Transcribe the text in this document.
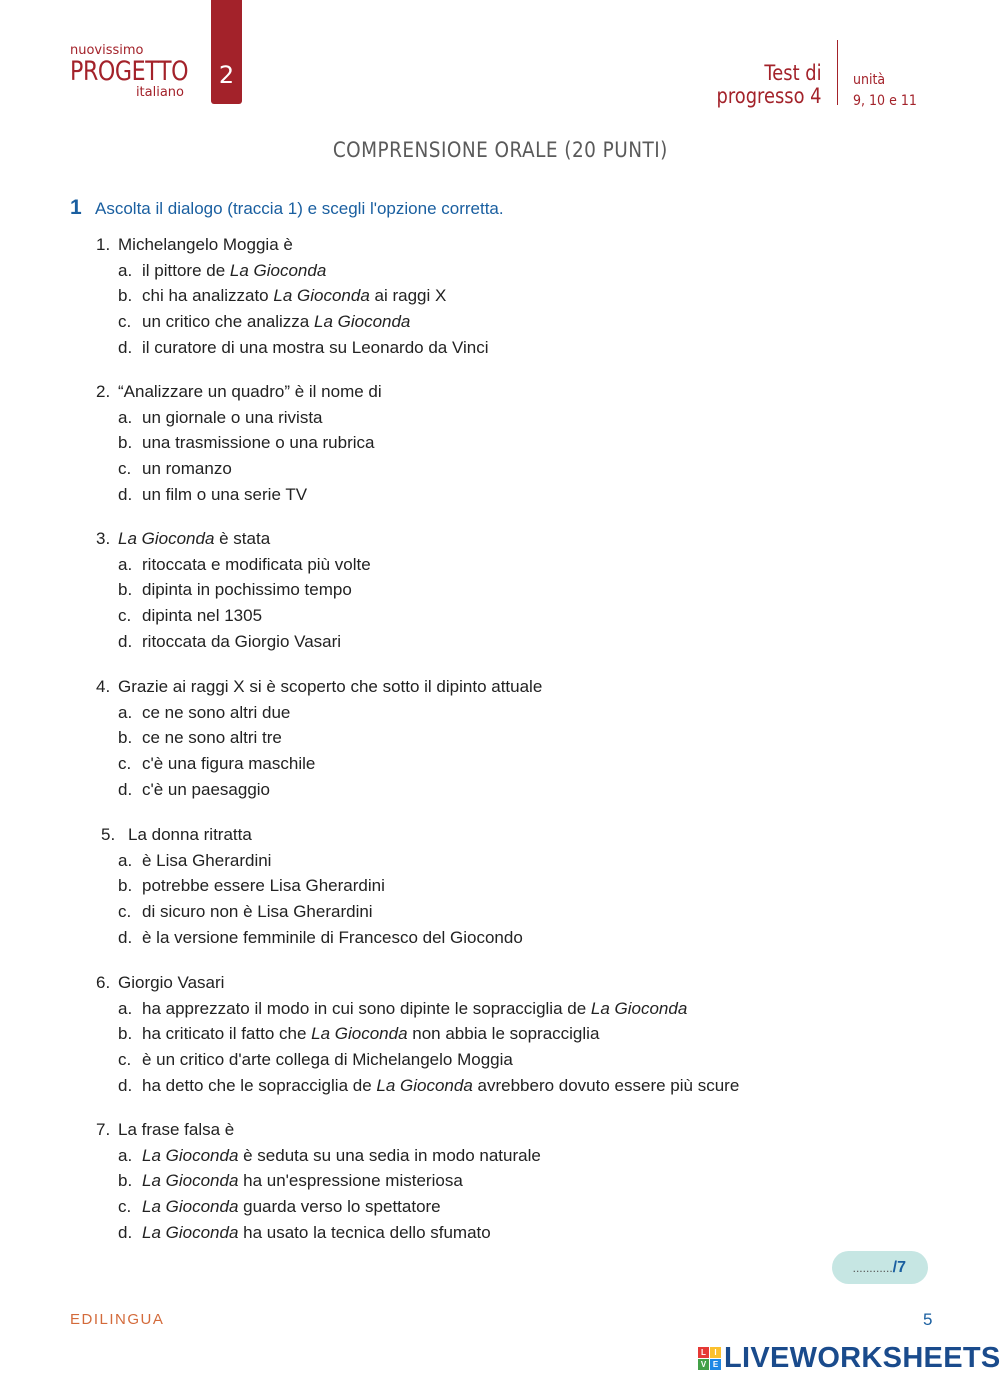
nuovissimo
PROGETTO
italiano
2	Test di
progresso 4
unità
9, 10 e 11
COMPRENSIONE ORALE (20 PUNTI)
1 Ascolta il dialogo (traccia 1) e scegli l'opzione corretta.
1. Michelangelo Moggia è
a. il pittore de La Gioconda
b. chi ha analizzato La Gioconda ai raggi X
c. un critico che analizza La Gioconda
d. il curatore di una mostra su Leonardo da Vinci
2. “Analizzare un quadro” è il nome di
a. un giornale o una rivista
b. una trasmissione o una rubrica
c. un romanzo
d. un film o una serie TV
3. La Gioconda è stata
a. ritoccata e modificata più volte
b. dipinta in pochissimo tempo
c. dipinta nel 1305
d. ritoccata da Giorgio Vasari
4. Grazie ai raggi X si è scoperto che sotto il dipinto attuale
a. ce ne sono altri due
b. ce ne sono altri tre
c. c'è una figura maschile
d. c'è un paesaggio
5. La donna ritratta
a. è Lisa Gherardini
b. potrebbe essere Lisa Gherardini
c. di sicuro non è Lisa Gherardini
d. è la versione femminile di Francesco del Giocondo
6. Giorgio Vasari
a. ha apprezzato il modo in cui sono dipinte le sopracciglia de La Gioconda
b. ha criticato il fatto che La Gioconda non abbia le sopracciglia
c. è un critico d'arte collega di Michelangelo Moggia
d. ha detto che le sopracciglia de La Gioconda avrebbero dovuto essere più scure
7. La frase falsa è
a. La Gioconda è seduta su una sedia in modo naturale
b. La Gioconda ha un'espressione misteriosa
c. La Gioconda guarda verso lo spettatore
d. La Gioconda ha usato la tecnica dello sfumato
............/7
EDILINGUA	5
L	I
V E LIVEWORKSHEETS
